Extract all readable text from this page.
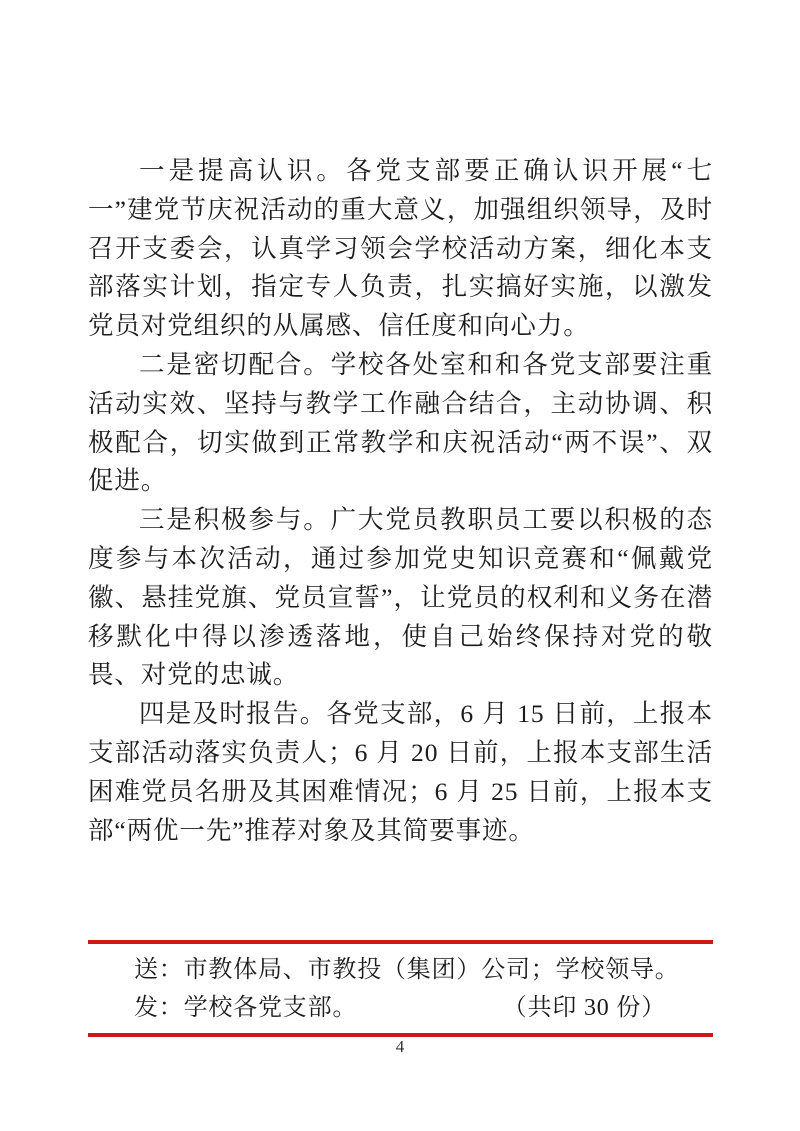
一是提高认识。各党支部要正确认识开展“七一”建党节庆祝活动的重大意义，加强组织领导，及时召开支委会，认真学习领会学校活动方案，细化本支部落实计划，指定专人负责，扎实搞好实施，以激发党员对党组织的从属感、信任度和向心力。

二是密切配合。学校各处室和和各党支部要注重活动实效、坚持与教学工作融合结合，主动协调、积极配合，切实做到正常教学和庆祝活动“两不误”、双促进。

三是积极参与。广大党员教职员工要以积极的态度参与本次活动，通过参加党史知识竞赛和“佩戴党徽、悬挂党旗、党员宣誓”，让党员的权利和义务在潜移默化中得以渗透落地，使自己始终保持对党的敬畏、对党的忠诚。

四是及时报告。各党支部，6 月 15 日前，上报本支部活动落实负责人；6 月 20 日前，上报本支部生活困难党员名册及其困难情况；6 月 25 日前，上报本支部“两优一先”推荐对象及其简要事迹。

送：市教体局、市教投（集团）公司；学校领导。
发：学校各党支部。	（共印 30 份）
4
